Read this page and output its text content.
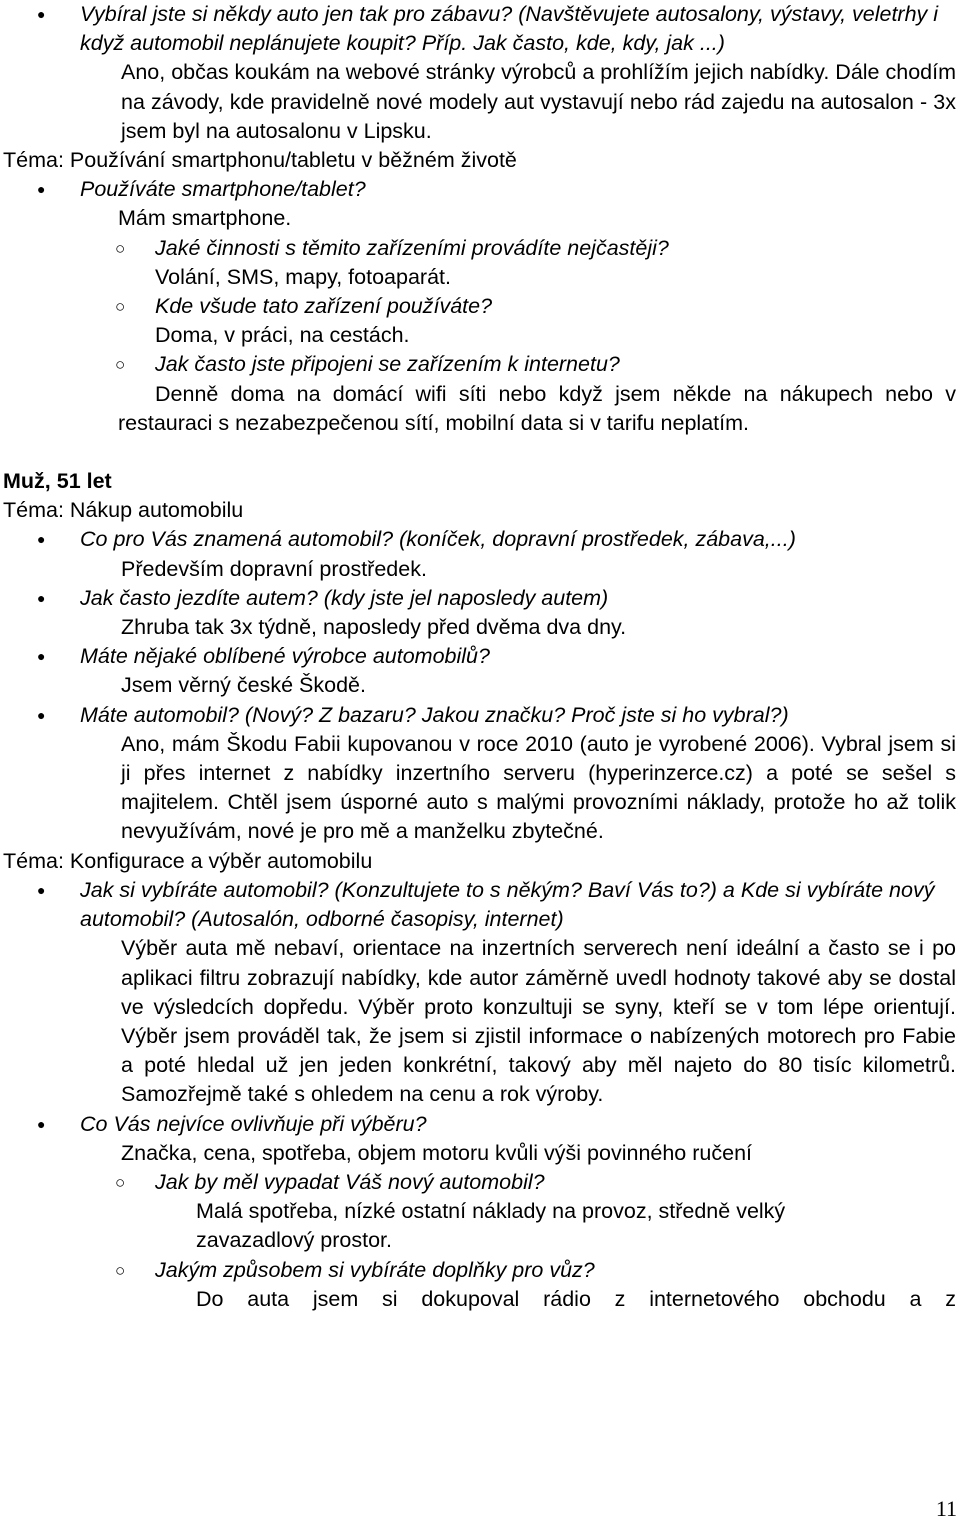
● Vybíral jste si někdy auto jen tak pro zábavu? (Navštěvujete autosalony, výstavy, veletrhy i když automobil neplánujete koupit? Příp. Jak často, kde, kdy, jak ...)
Ano, občas koukám na webové stránky výrobců a prohlížím jejich nabídky. Dále chodím na závody, kde pravidelně nové modely aut vystavují nebo rád zajedu na autosalon - 3x jsem byl na autosalonu v Lipsku.
Téma: Používání smartphonu/tabletu v běžném životě
● Používáte smartphone/tablet?
Mám smartphone.
○ Jaké činnosti s těmito zařízeními provádíte nejčastěji?
Volání, SMS, mapy, fotoaparát.
○ Kde všude tato zařízení používáte?
Doma, v práci, na cestách.
○ Jak často jste připojeni se zařízením k internetu?
Denně doma na domácí wifi síti nebo když jsem někde na nákupech nebo v restauraci s nezabezpečenou sítí, mobilní data si v tarifu neplatím.
Muž, 51 let
Téma: Nákup automobilu
● Co pro Vás znamená automobil? (koníček, dopravní prostředek, zábava,...)
Především dopravní prostředek.
● Jak často jezdíte autem? (kdy jste jel naposledy autem)
Zhruba tak 3x týdně, naposledy před dvěma dva dny.
● Máte nějaké oblíbené výrobce automobilů?
Jsem věrný české Škodě.
● Máte automobil? (Nový? Z bazaru? Jakou značku? Proč jste si ho vybral?)
Ano, mám Škodu Fabii kupovanou v roce 2010 (auto je vyrobené 2006). Vybral jsem si ji přes internet z nabídky inzertního serveru (hyperinzerce.cz) a poté se sešel s majitelem. Chtěl jsem úsporné auto s malými provozními náklady, protože ho až tolik nevyužívám, nové je pro mě a manželku zbytečné.
Téma: Konfigurace a výběr automobilu
● Jak si vybíráte automobil? (Konzultujete to s někým? Baví Vás to?) a Kde si vybíráte nový automobil? (Autosalón, odborné časopisy, internet)
Výběr auta mě nebaví, orientace na inzertních serverech není ideální a často se i po aplikaci filtru zobrazují nabídky, kde autor záměrně uvedl hodnoty takové aby se dostal ve výsledcích dopředu. Výběr proto konzultuji se syny, kteří se v tom lépe orientují. Výběr jsem prováděl tak, že jsem si zjistil informace o nabízených motorech pro Fabie a poté hledal už jen jeden konkrétní, takový aby měl najeto do 80 tisíc kilometrů. Samozřejmě také s ohledem na cenu a rok výroby.
● Co Vás nejvíce ovlivňuje při výběru?
Značka, cena, spotřeba, objem motoru kvůli výši povinného ručení
○ Jak by měl vypadat Váš nový automobil?
Malá spotřeba, nízké ostatní náklady na provoz, středně velký zavazadlový prostor.
○ Jakým způsobem si vybíráte doplňky pro vůz?
Do auta jsem si dokupoval rádio z internetového obchodu a z
11
